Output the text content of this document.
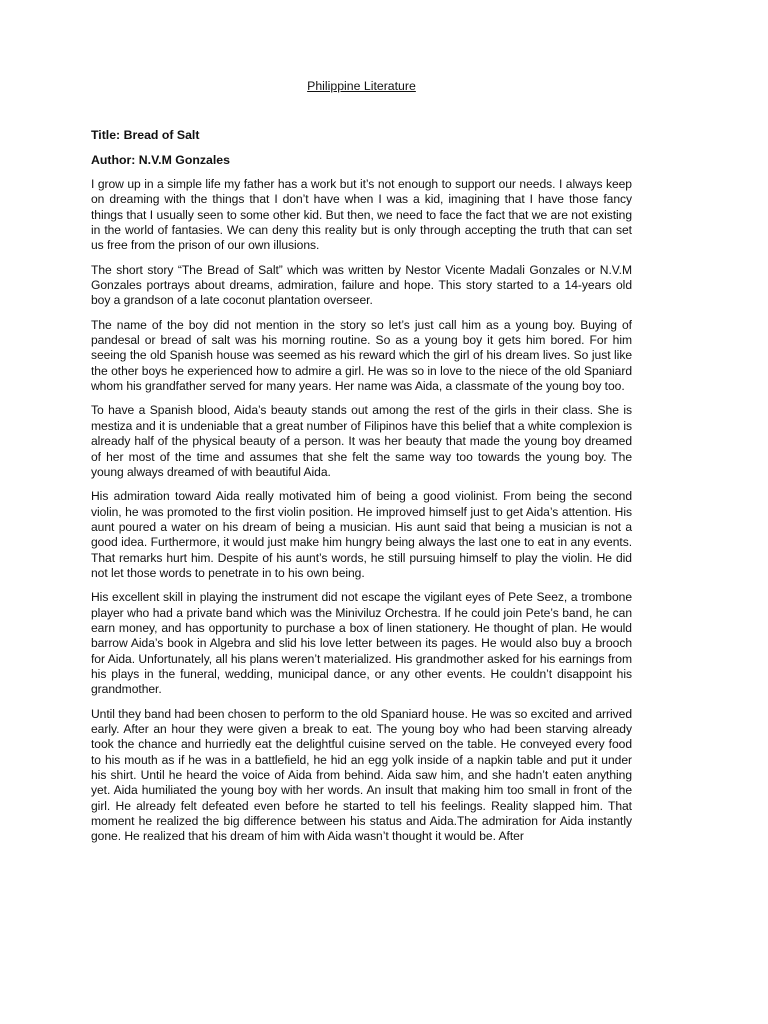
Philippine Literature
Title: Bread of Salt
Author: N.V.M Gonzales

I grow up in a simple life my father has a work but it’s not enough to support our needs. I always keep on dreaming with the things that I don’t have when I was a kid, imagining that I have those fancy things that I usually seen to some other kid. But then, we need to face the fact that we are not existing in the world of fantasies. We can deny this reality but is only through accepting the truth that can set us free from the prison of our own illusions.

The short story “The Bread of Salt” which was written by Nestor Vicente Madali Gonzales or N.V.M Gonzales portrays about dreams, admiration, failure and hope. This story started to a 14-years old boy a grandson of a late coconut plantation overseer.

The name of the boy did not mention in the story so let’s just call him as a young boy. Buying of pandesal or bread of salt was his morning routine. So as a young boy it gets him bored. For him seeing the old Spanish house was seemed as his reward which the girl of his dream lives. So just like the other boys he experienced how to admire a girl. He was so in love to the niece of the old Spaniard whom his grandfather served for many years. Her name was Aida, a classmate of the young boy too.

To have a Spanish blood, Aida’s beauty stands out among the rest of the girls in their class. She is mestiza and it is undeniable that a great number of Filipinos have this belief that a white complexion is already half of the physical beauty of a person. It was her beauty that made the young boy dreamed of her most of the time and assumes that she felt the same way too towards the young boy. The young always dreamed of with beautiful Aida.

His admiration toward Aida really motivated him of being a good violinist. From being the second violin, he was promoted to the first violin position. He improved himself just to get Aida’s attention. His aunt poured a water on his dream of being a musician. His aunt said that being a musician is not a good idea. Furthermore, it would just make him hungry being always the last one to eat in any events. That remarks hurt him. Despite of his aunt’s words, he still pursuing himself to play the violin. He did not let those words to penetrate in to his own being.

His excellent skill in playing the instrument did not escape the vigilant eyes of Pete Seez, a trombone player who had a private band which was the Miniviluz Orchestra. If he could join Pete’s band, he can earn money, and has opportunity to purchase a box of linen stationery. He thought of plan. He would barrow Aida’s book in Algebra and slid his love letter between its pages. He would also buy a brooch for Aida. Unfortunately, all his plans weren’t materialized. His grandmother asked for his earnings from his plays in the funeral, wedding, municipal dance, or any other events. He couldn’t disappoint his grandmother.

Until they band had been chosen to perform to the old Spaniard house. He was so excited and arrived early. After an hour they were given a break to eat. The young boy who had been starving already took the chance and hurriedly eat the delightful cuisine served on the table. He conveyed every food to his mouth as if he was in a battlefield, he hid an egg yolk inside of a napkin table and put it under his shirt. Until he heard the voice of Aida from behind. Aida saw him, and she hadn’t eaten anything yet. Aida humiliated the young boy with her words. An insult that making him too small in front of the girl. He already felt defeated even before he started to tell his feelings. Reality slapped him. That moment he realized the big difference between his status and Aida.The admiration for Aida instantly gone. He realized that his dream of him with Aida wasn’t thought it would be. After
